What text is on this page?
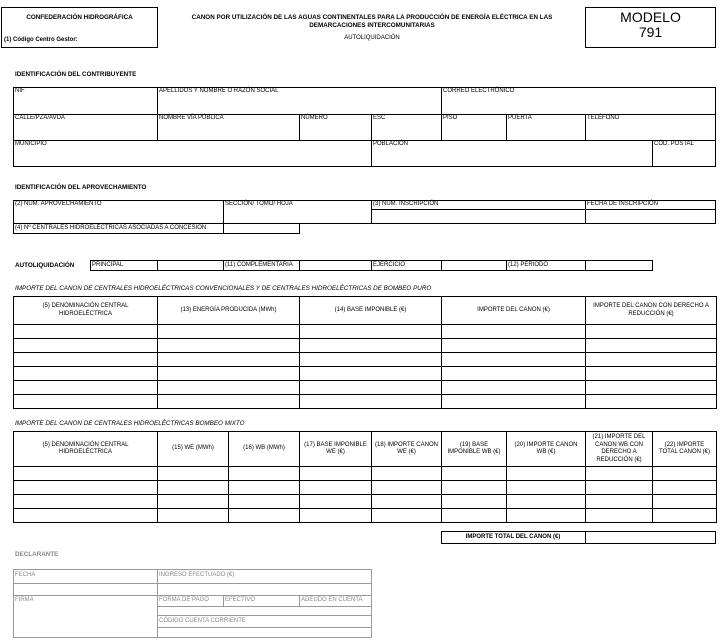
CONFEDERACIÓN HIDROGRÁFICA
(1) Código Centro Gestor:
CANON POR UTILIZACIÓN DE LAS AGUAS CONTINENTALES PARA LA PRODUCCIÓN DE ENERGÍA ELÉCTRICA EN LAS DEMARCACIONES INTERCOMUNITARIAS
AUTOLIQUIDACIÓN
MODELO
791
IDENTIFICACIÓN DEL CONTRIBUYENTE
NIF	APELLIDOS Y NOMBRE O RAZÓN SOCIAL	CORREO ELECTRÓNICO
CALLE/PZA/AVDA	NOMBRE VÍA PÚBLICA	NÚMERO	ESC	PISO	PUERTA	TELÉFONO
MUNICIPIO	POBLACIÓN	CÓD. POSTAL
IDENTIFICACIÓN DEL APROVECHAMIENTO
(2) NUM. APROVECHAMIENTO	SECCIÓN/ TOMO/ HOJA	(3) NUM. INSCRIPCIÓN	FECHA DE INSCRIPCIÓN
(4) Nº CENTRALES HIDROELÉCTRICAS ASOCIADAS A CONCESIÓN
AUTOLIQUIDACIÓN	PRINCIPAL	(11) COMPLEMENTARIA	EJERCICIO	(12) PERIODO
IMPORTE DEL CANON DE CENTRALES HIDROELÉCTRICAS CONVENCIONALES Y DE CENTRALES HIDROELÉCTRICAS DE BOMBEO PURO
(5) DENOMINACIÓN CENTRAL HIDROELÉCTRICA	(13) ENERGÍA PRODUCIDA (MWh)	(14) BASE IMPONIBLE (€)	IMPORTE DEL CANON (€)	IMPORTE DEL CANON CON DERECHO A REDUCCIÓN (€)

IMPORTE DEL CANON DE CENTRALES HIDROELÉCTRICAS BOMBEO MIXTO
(5) DENOMINACIÓN CENTRAL HIDROELÉCTRICA	(15) WE (MWh)	(16) WB (MWh)	(17) BASE IMPONIBLE WE (€)	(18) IMPORTE CANON WE (€)	(19) BASE IMPONIBLE WB (€)	(20) IMPORTE CANON WB (€)	(21) IMPORTE DEL CANON WB CON DERECHO A REDUCCIÓN (€)	(22) IMPORTE TOTAL CANON (€)

IMPORTE TOTAL DEL CANON (€)
DECLARANTE
FECHA	INGRESO EFECTUADO (€)
FIRMA	FORMA DE PAGO	EFECTIVO	ADEUDO EN CUENTA
CÓDIGO CUENTA CORRIENTE
